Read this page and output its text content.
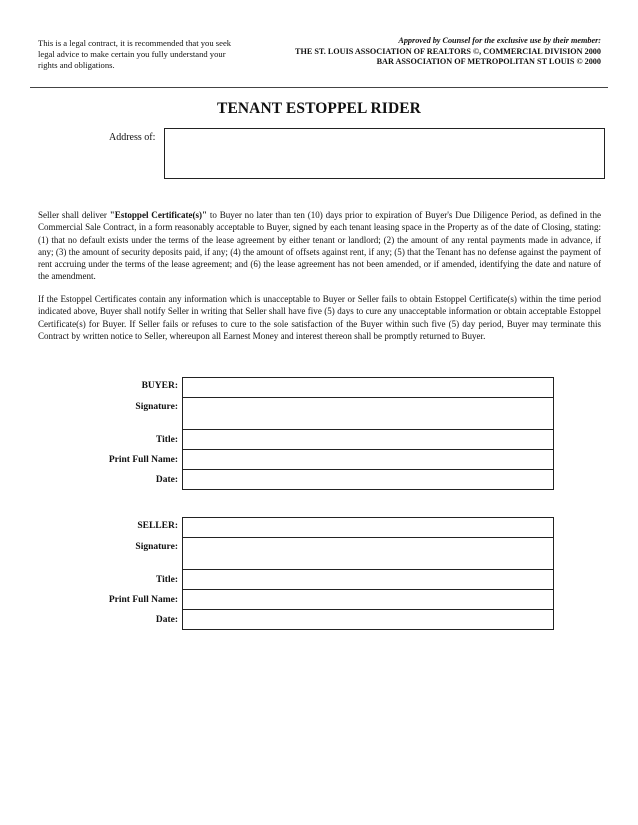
This is a legal contract, it is recommended that you seek legal advice to make certain you fully understand your rights and obligations.
Approved by Counsel for the exclusive use by their member:
THE ST. LOUIS ASSOCIATION OF REALTORS ©, COMMERCIAL DIVISION 2000
BAR ASSOCIATION OF METROPOLITAN ST LOUIS © 2000
TENANT ESTOPPEL RIDER
Address of:
Seller shall deliver "Estoppel Certificate(s)" to Buyer no later than ten (10) days prior to expiration of Buyer's Due Diligence Period, as defined in the Commercial Sale Contract, in a form reasonably acceptable to Buyer, signed by each tenant leasing space in the Property as of the date of Closing, stating: (1) that no default exists under the terms of the lease agreement by either tenant or landlord; (2) the amount of any rental payments made in advance, if any; (3) the amount of security deposits paid, if any; (4) the amount of offsets against rent, if any; (5) that the Tenant has no defense against the payment of rent accruing under the terms of the lease agreement; and (6) the lease agreement has not been amended, or if amended, identifying the date and nature of the amendment.
If the Estoppel Certificates contain any information which is unacceptable to Buyer or Seller fails to obtain Estoppel Certificate(s) within the time period indicated above, Buyer shall notify Seller in writing that Seller shall have five (5) days to cure any unacceptable information or obtain acceptable Estoppel Certificate(s) for Buyer. If Seller fails or refuses to cure to the sole satisfaction of the Buyer within such five (5) day period, Buyer may terminate this Contract by written notice to Seller, whereupon all Earnest Money and interest thereon shall be promptly returned to Buyer.
BUYER:
Signature:
Title:
Print Full Name:
Date:
SELLER:
Signature:
Title:
Print Full Name:
Date:
